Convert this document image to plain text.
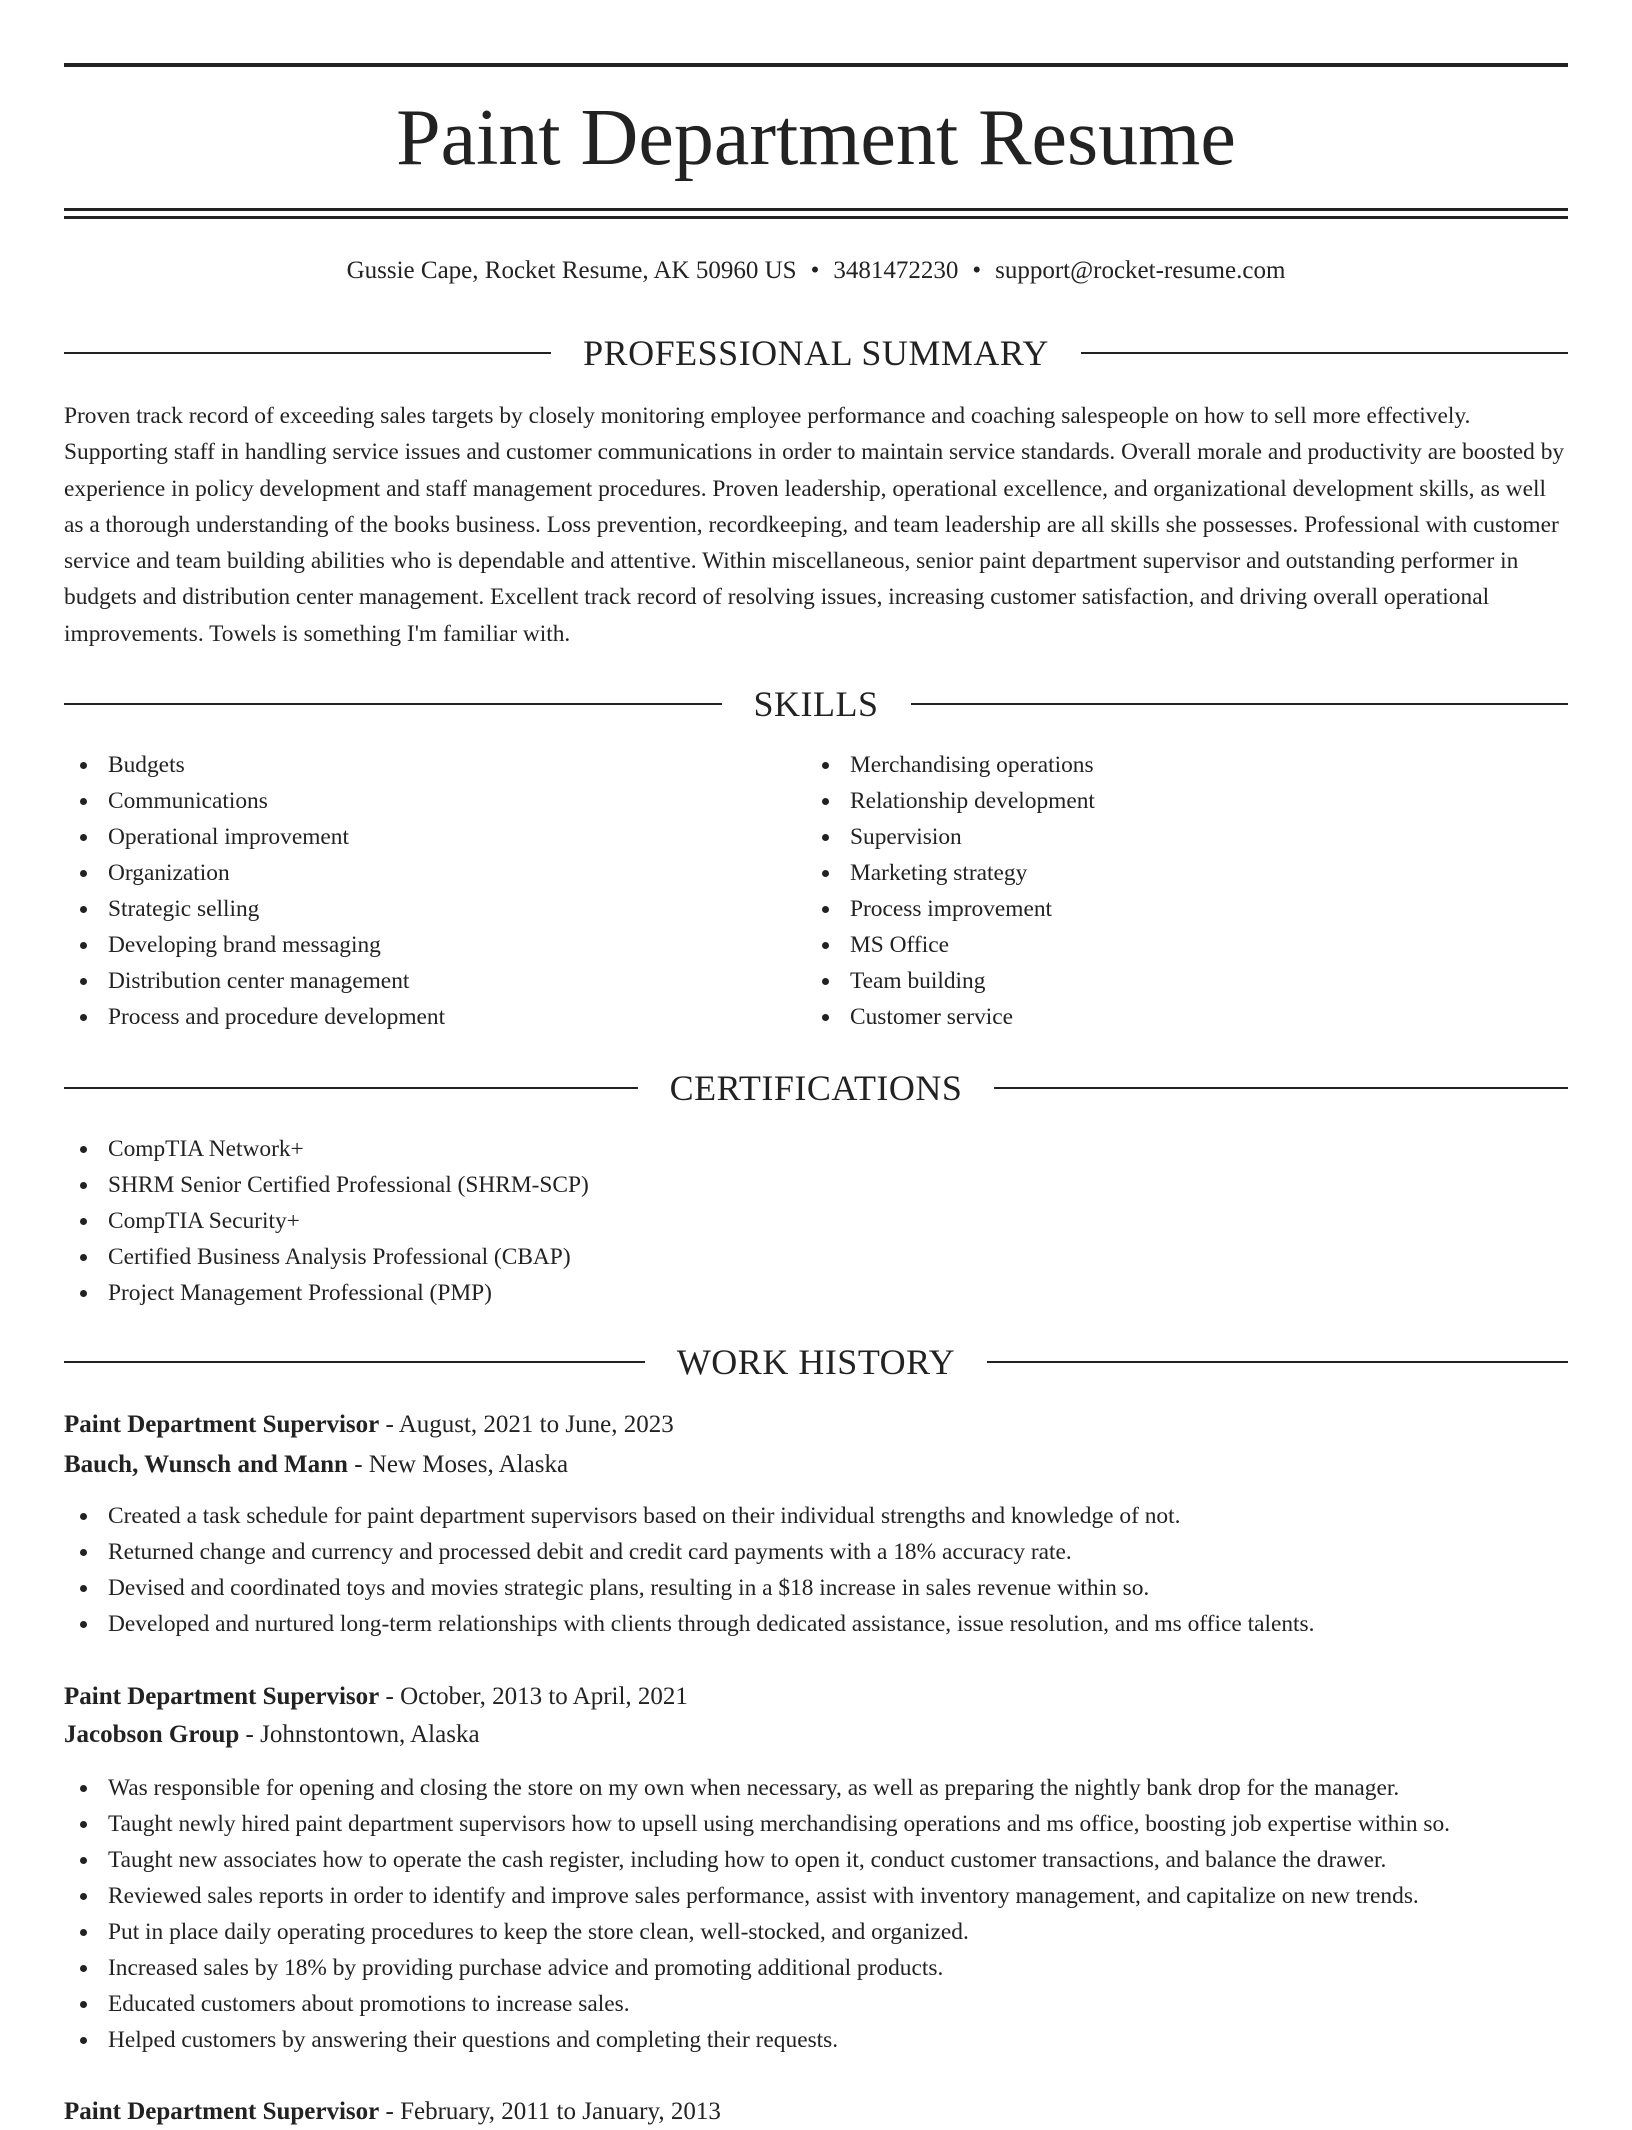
Paint Department Resume
Gussie Cape, Rocket Resume, AK 50960 US • 3481472230 • support@rocket-resume.com
PROFESSIONAL SUMMARY

Proven track record of exceeding sales targets by closely monitoring employee performance and coaching salespeople on how to sell more effectively. Supporting staff in handling service issues and customer communications in order to maintain service standards. Overall morale and productivity are boosted by experience in policy development and staff management procedures. Proven leadership, operational excellence, and organizational development skills, as well as a thorough understanding of the books business. Loss prevention, recordkeeping, and team leadership are all skills she possesses. Professional with customer service and team building abilities who is dependable and attentive. Within miscellaneous, senior paint department supervisor and outstanding performer in budgets and distribution center management. Excellent track record of resolving issues, increasing customer satisfaction, and driving overall operational improvements. Towels is something I'm familiar with.

SKILLS
Budgets
Communications
Operational improvement
Organization
Strategic selling
Developing brand messaging
Distribution center management
Process and procedure development
Merchandising operations
Relationship development
Supervision
Marketing strategy
Process improvement
MS Office
Team building
Customer service
CERTIFICATIONS
CompTIA Network+
SHRM Senior Certified Professional (SHRM-SCP)
CompTIA Security+
Certified Business Analysis Professional (CBAP)
Project Management Professional (PMP)
WORK HISTORY
Paint Department Supervisor - August, 2021 to June, 2023
Bauch, Wunsch and Mann - New Moses, Alaska
Created a task schedule for paint department supervisors based on their individual strengths and knowledge of not.
Returned change and currency and processed debit and credit card payments with a 18% accuracy rate.
Devised and coordinated toys and movies strategic plans, resulting in a $18 increase in sales revenue within so.
Developed and nurtured long-term relationships with clients through dedicated assistance, issue resolution, and ms office talents.
Paint Department Supervisor - October, 2013 to April, 2021
Jacobson Group - Johnstontown, Alaska
Was responsible for opening and closing the store on my own when necessary, as well as preparing the nightly bank drop for the manager.
Taught newly hired paint department supervisors how to upsell using merchandising operations and ms office, boosting job expertise within so.
Taught new associates how to operate the cash register, including how to open it, conduct customer transactions, and balance the drawer.
Reviewed sales reports in order to identify and improve sales performance, assist with inventory management, and capitalize on new trends.
Put in place daily operating procedures to keep the store clean, well-stocked, and organized.
Increased sales by 18% by providing purchase advice and promoting additional products.
Educated customers about promotions to increase sales.
Helped customers by answering their questions and completing their requests.
Paint Department Supervisor - February, 2011 to January, 2013
